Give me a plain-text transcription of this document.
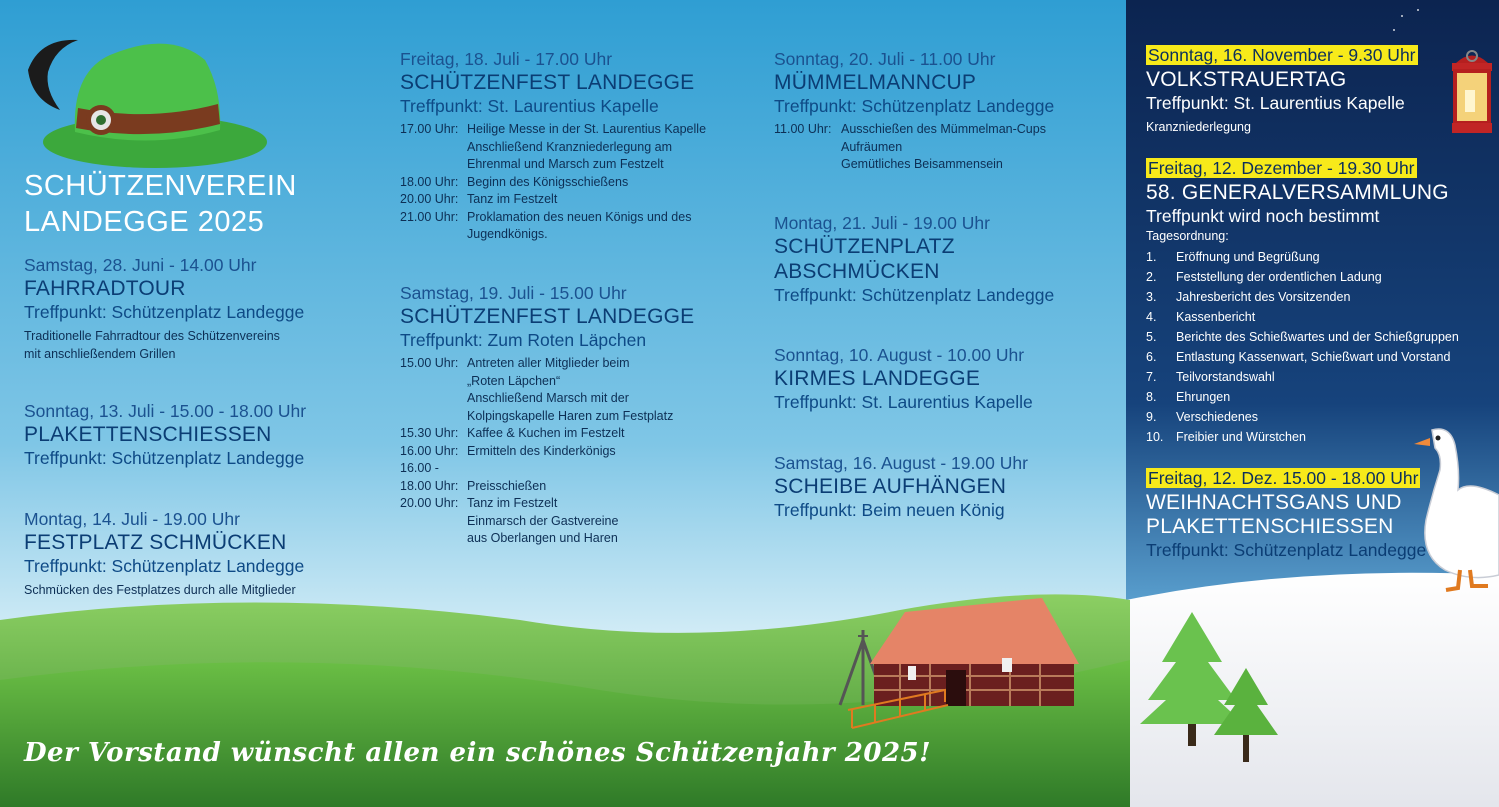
SCHÜTZENVEREIN
LANDEGGE 2025

Samstag, 28. Juni - 14.00 Uhr

FAHRRADTOUR

Treffpunkt: Schützenplatz Landegge

Traditionelle Fahrradtour des Schützenvereins

mit anschließendem Grillen

Sonntag, 13. Juli - 15.00 - 18.00 Uhr

PLAKETTENSCHIESSEN

Treffpunkt: Schützenplatz Landegge

Montag, 14. Juli - 19.00 Uhr

FESTPLATZ SCHMÜCKEN

Treffpunkt: Schützenplatz Landegge

Schmücken des Festplatzes durch alle Mitglieder

Freitag, 18. Juli - 17.00 Uhr

SCHÜTZENFEST LANDEGGE

Treffpunkt: St. Laurentius Kapelle

17.00 Uhr: Heilige Messe in der St. Laurentius Kapelle
Anschließend Kranzniederlegung am
Ehrenmal und Marsch zum Festzelt
18.00 Uhr: Beginn des Königsschießens
20.00 Uhr: Tanz im Festzelt
21.00 Uhr: Proklamation des neuen Königs und des
Jugendkönigs.

Samstag, 19. Juli - 15.00 Uhr

SCHÜTZENFEST LANDEGGE

Treffpunkt: Zum Roten Läpchen

15.00 Uhr: Antreten aller Mitglieder beim
„Roten Läpchen“
Anschließend Marsch mit der
Kolpingskapelle Haren zum Festplatz
15.30 Uhr: Kaffee & Kuchen im Festzelt
16.00 Uhr: Ermitteln des Kinderkönigs
16.00 -
18.00 Uhr: Preisschießen
20.00 Uhr: Tanz im Festzelt
Einmarsch der Gastvereine
aus Oberlangen und Haren

Sonntag, 20. Juli - 11.00 Uhr

MÜMMELMANNCUP

Treffpunkt: Schützenplatz Landegge

11.00 Uhr: Ausschießen des Mümmelman-Cups
Aufräumen
Gemütliches Beisammensein

Montag, 21. Juli - 19.00 Uhr

SCHÜTZENPLATZ

ABSCHMÜCKEN

Treffpunkt: Schützenplatz Landegge

Sonntag, 10. August - 10.00 Uhr

KIRMES LANDEGGE

Treffpunkt: St. Laurentius Kapelle

Samstag, 16. August - 19.00 Uhr

SCHEIBE AUFHÄNGEN

Treffpunkt: Beim neuen König

Sonntag, 16. November - 9.30 Uhr

VOLKSTRAUERTAG

Treffpunkt: St. Laurentius Kapelle

Kranzniederlegung

Freitag, 12. Dezember - 19.30 Uhr

58. GENERALVERSAMMLUNG

Treffpunkt wird noch bestimmt

Tagesordnung:

1.	Eröffnung und Begrüßung
2.	Feststellung der ordentlichen Ladung
3.	Jahresbericht des Vorsitzenden
4.	Kassenbericht
5.	Berichte des Schießwartes und der Schießgruppen
6.	Entlastung Kassenwart, Schießwart und Vorstand
7.	Teilvorstandswahl
8.	Ehrungen
9.	Verschiedenes
10.	Freibier und Würstchen
Freitag, 12. Dez. 15.00 - 18.00 Uhr

WEIHNACHTSGANS UND

PLAKETTENSCHIESSEN

Treffpunkt: Schützenplatz Landegge

Der Vorstand wünscht allen ein schönes Schützenjahr 2025!
